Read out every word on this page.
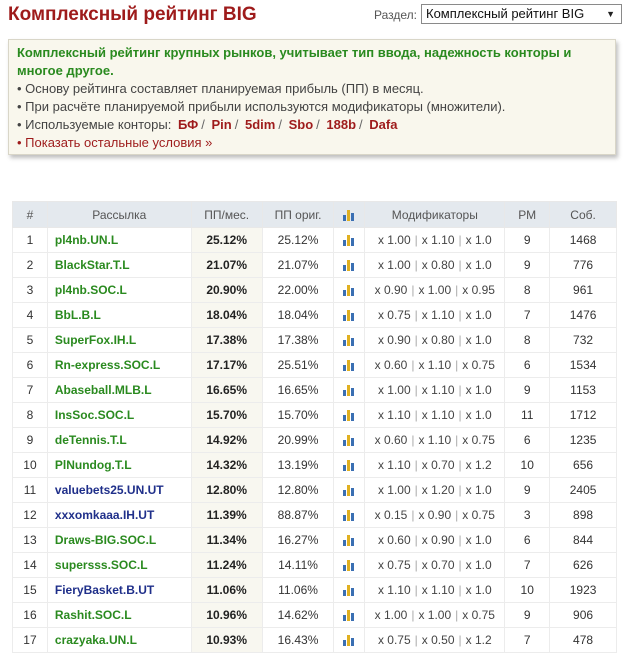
Комплексный рейтинг BIG	Раздел: Комплексный рейтинг BIG ▼
Комплексный рейтинг крупных рынков, учитывает тип ввода, надежность конторы и многое другое.
• Основу рейтинга составляет планируемая прибыль (ПП) в месяц.
• При расчёте планируемой прибыли используются модификаторы (множители).
• Используемые конторы: БФ / Pin / 5dim / Sbo / 188b / Dafa
• Показать остальные условия »
#	Рассылка	ПП/мес.	ПП ориг.		Модификаторы	РМ	Соб.
1	pl4nb.UN.L	25.12%	25.12%		x 1.00 | x 1.10 | x 1.0	9	1468
2	BlackStar.T.L	21.07%	21.07%		x 1.00 | x 0.80 | x 1.0	9	776
3	pl4nb.SOC.L	20.90%	22.00%		x 0.90 | x 1.00 | x 0.95	8	961
4	BbL.B.L	18.04%	18.04%		x 0.75 | x 1.10 | x 1.0	7	1476
5	SuperFox.IH.L	17.38%	17.38%		x 0.90 | x 0.80 | x 1.0	8	732
6	Rn-express.SOC.L	17.17%	25.51%		x 0.60 | x 1.10 | x 0.75	6	1534
7	Abaseball.MLB.L	16.65%	16.65%		x 1.00 | x 1.10 | x 1.0	9	1153
8	InsSoc.SOC.L	15.70%	15.70%		x 1.10 | x 1.10 | x 1.0	11	1712
9	deTennis.T.L	14.92%	20.99%		x 0.60 | x 1.10 | x 0.75	6	1235
10	PlNundog.T.L	14.32%	13.19%		x 1.10 | x 0.70 | x 1.2	10	656
11	valuebets25.UN.UT	12.80%	12.80%		x 1.00 | x 1.20 | x 1.0	9	2405
12	xxxomkaaa.IH.UT	11.39%	88.87%		x 0.15 | x 0.90 | x 0.75	3	898
13	Draws-BIG.SOC.L	11.34%	16.27%		x 0.60 | x 0.90 | x 1.0	6	844
14	supersss.SOC.L	11.24%	14.11%		x 0.75 | x 0.70 | x 1.0	7	626
15	FieryBasket.B.UT	11.06%	11.06%		x 1.10 | x 1.10 | x 1.0	10	1923
16	Rashit.SOC.L	10.96%	14.62%		x 1.00 | x 1.00 | x 0.75	9	906
17	crazyaka.UN.L	10.93%	16.43%		x 0.75 | x 0.50 | x 1.2	7	478
